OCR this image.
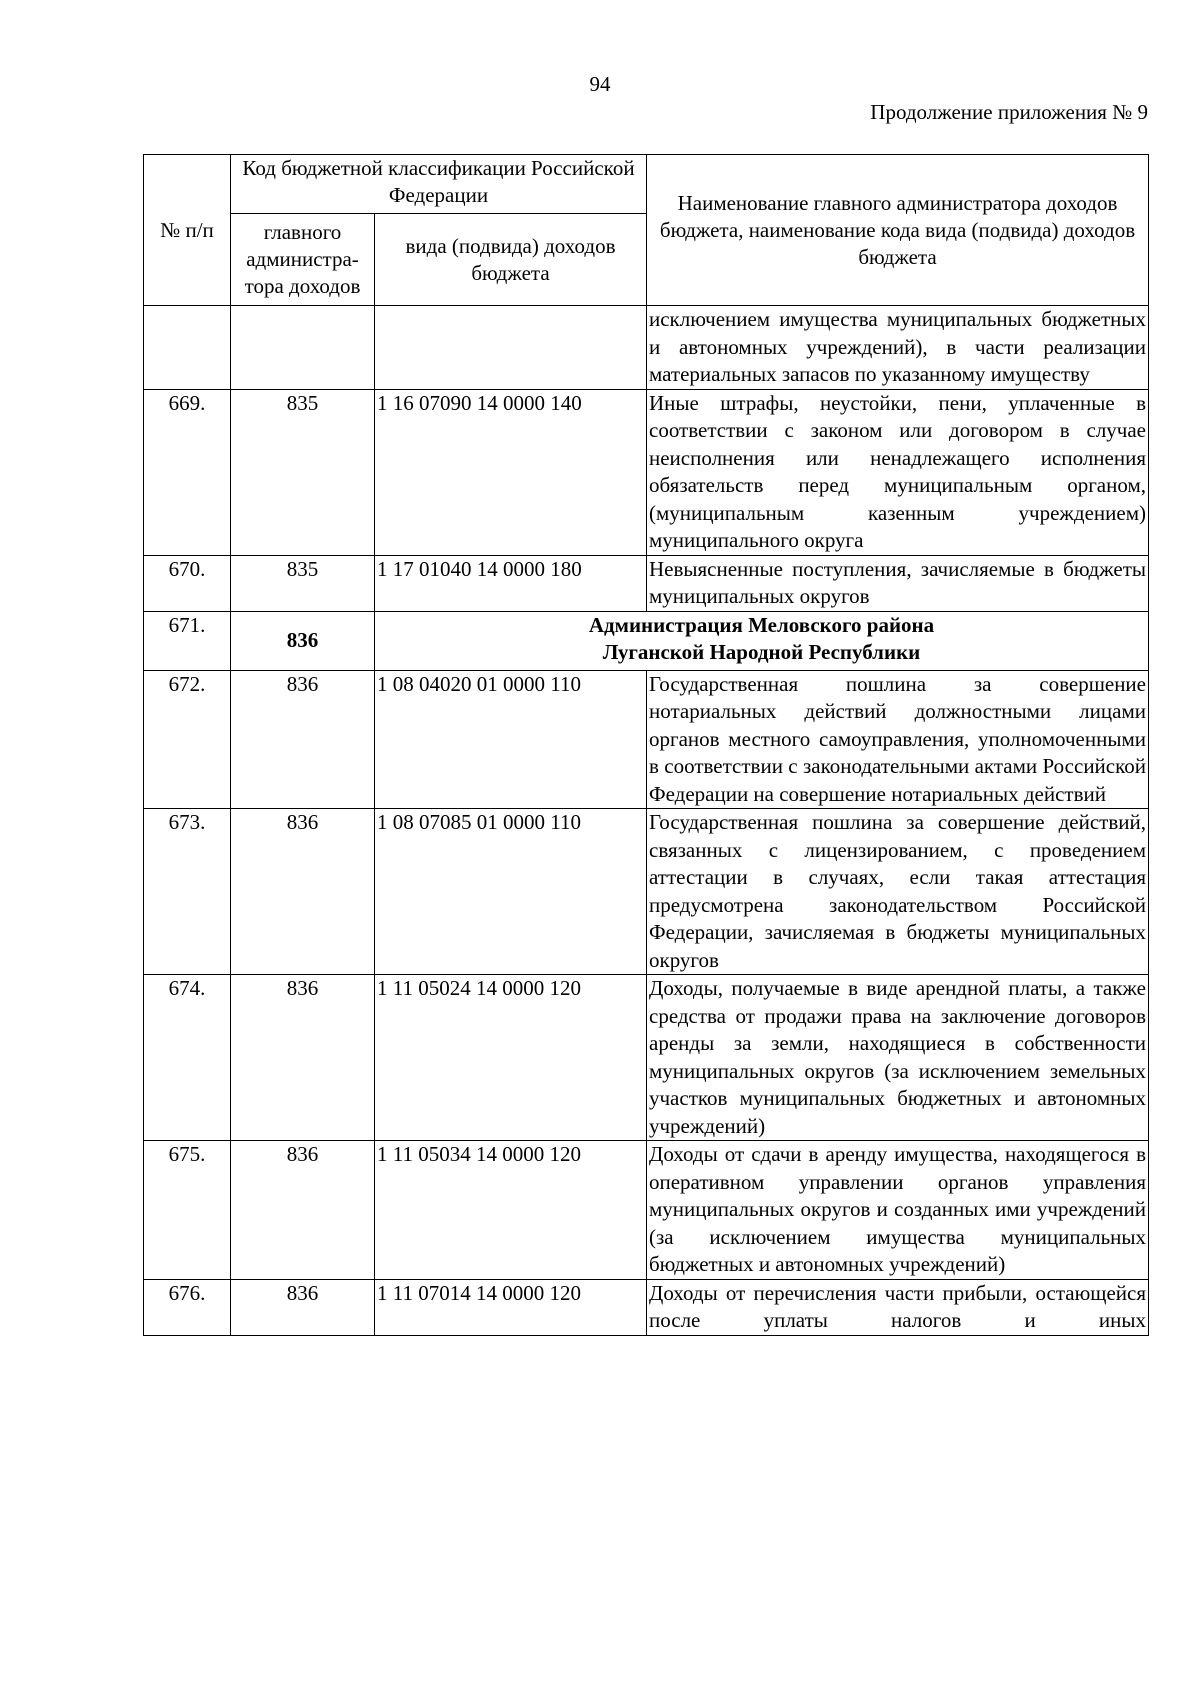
94
Продолжение приложения № 9
№ п/п	Код бюджетной классификации Российской Федерации		Наименование главного администратора доходов бюджета, наименование кода вида (подвида) доходов бюджета
	главного администра-тора доходов	вида (подвида) доходов бюджета	
			исключением имущества муниципальных бюджетных и автономных учреждений), в части реализации материальных запасов по указанному имуществу
669.	835	1 16 07090 14 0000 140	Иные штрафы, неустойки, пени, уплаченные в соответствии с законом или договором в случае неисполнения или ненадлежащего исполнения обязательств перед муниципальным органом, (муниципальным казенным учреждением) муниципального округа
670.	835	1 17 01040 14 0000 180	Невыясненные поступления, зачисляемые в бюджеты муниципальных округов
671.	836	Администрация Меловского района
Луганской Народной Республики	

672.	836	1 08 04020 01 0000 110	Государственная пошлина за совершение нотариальных действий должностными лицами органов местного самоуправления, уполномоченными в соответствии с законодательными актами Российской Федерации на совершение нотариальных действий
673.	836	1 08 07085 01 0000 110	Государственная пошлина за совершение действий, связанных с лицензированием, с проведением аттестации в случаях, если такая аттестация предусмотрена законодательством Российской Федерации, зачисляемая в бюджеты муниципальных округов
674.	836	1 11 05024 14 0000 120	Доходы, получаемые в виде арендной платы, а также средства от продажи права на заключение договоров аренды за земли, находящиеся в собственности муниципальных округов (за исключением земельных участков муниципальных бюджетных и автономных учреждений)
675.	836	1 11 05034 14 0000 120	Доходы от сдачи в аренду имущества, находящегося в оперативном управлении органов управления муниципальных округов и созданных ими учреждений (за исключением имущества муниципальных бюджетных и автономных учреждений)
676.	836	1 11 07014 14 0000 120	Доходы от перечисления части прибыли, остающейся после уплаты налогов и иных
